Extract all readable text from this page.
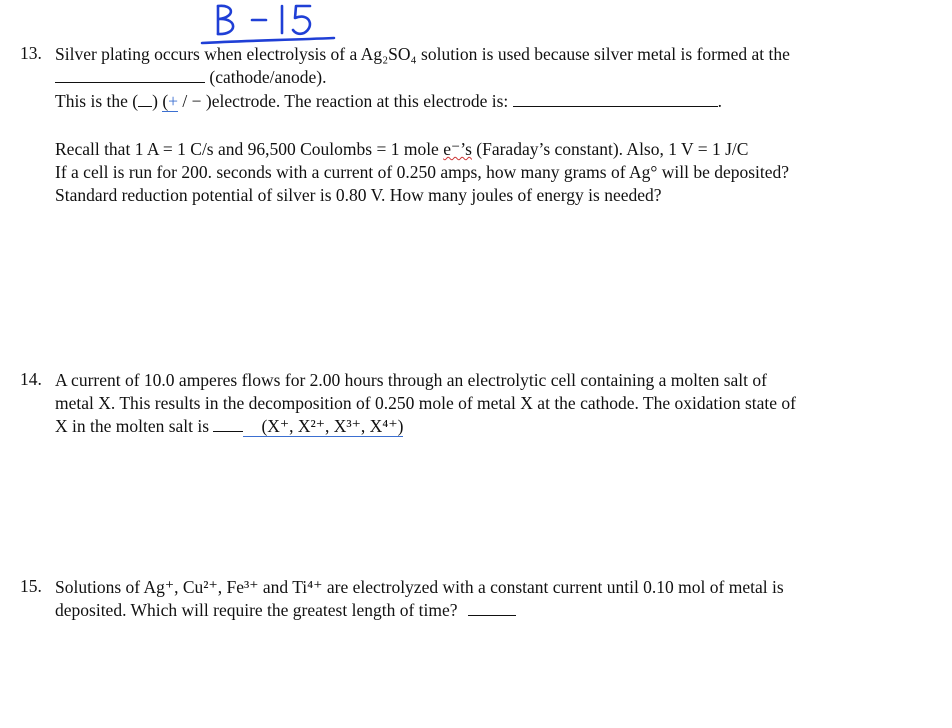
13. Silver plating occurs when electrolysis of a Ag₂SO₄ solution is used because silver metal is formed at the
(cathode/anode).
This is the ( ) (+ / − )electrode. The reaction at this electrode is:	.
Recall that 1 A = 1 C/s and 96,500 Coulombs = 1 mole e⁻’s (Faraday’s constant). Also, 1 V = 1 J/C
If a cell is run for 200. seconds with a current of 0.250 amps, how many grams of Ag° will be deposited?
Standard reduction potential of silver is 0.80 V. How many joules of energy is needed?
14. A current of 10.0 amperes flows for 2.00 hours through an electrolytic cell containing a molten salt of
metal X. This results in the decomposition of 0.250 mole of metal X at the cathode. The oxidation state of
X in the molten salt is	(X⁺, X²⁺, X³⁺, X⁴⁺)
15. Solutions of Ag⁺, Cu²⁺, Fe³⁺ and Ti⁴⁺ are electrolyzed with a constant current until 0.10 mol of metal is
deposited. Which will require the greatest length of time?
